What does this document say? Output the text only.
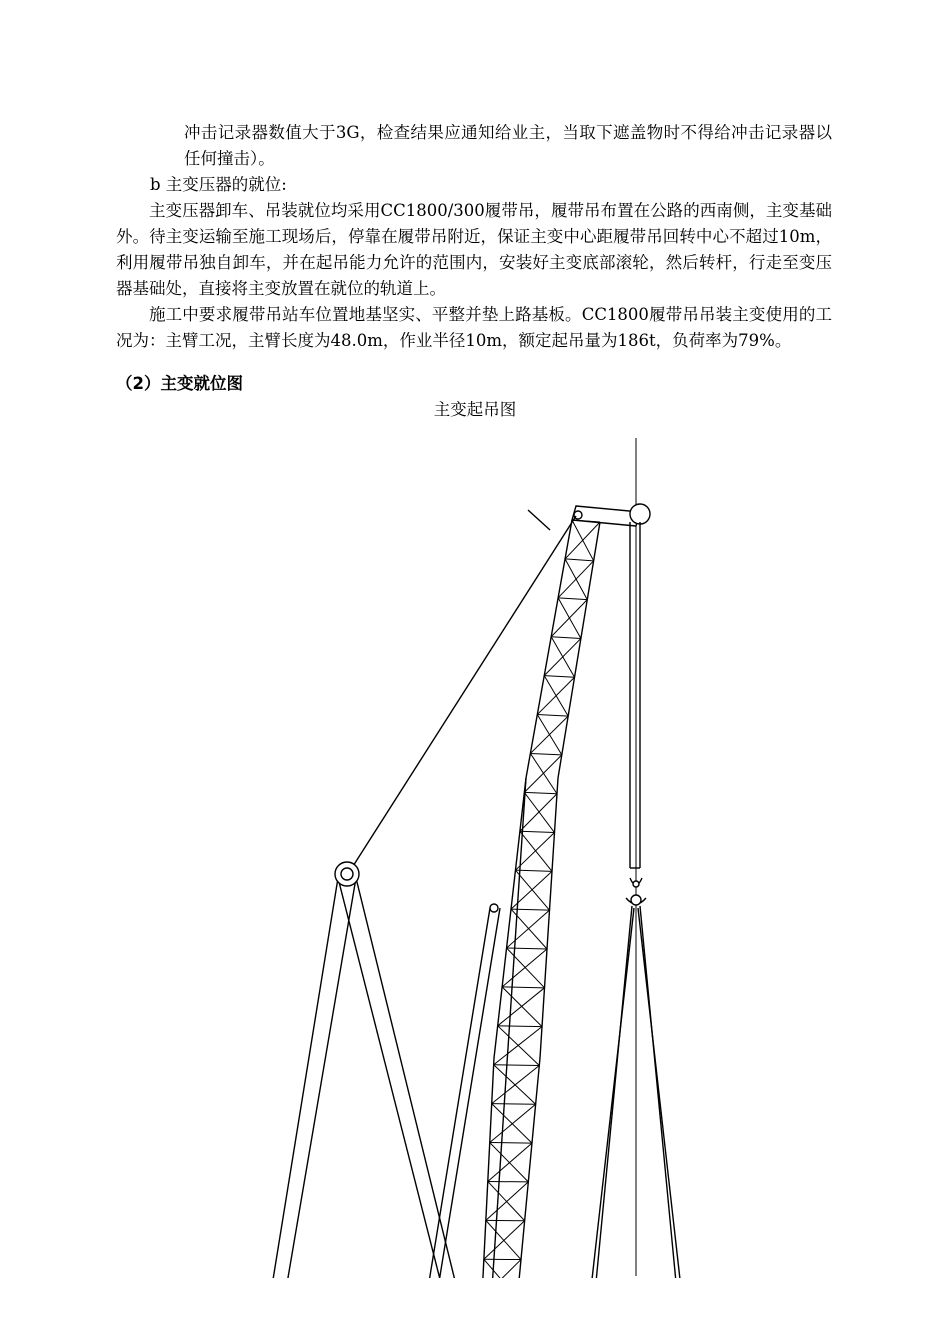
冲击记录器数值大于3G，检查结果应通知给业主，当取下遮盖物时不得给冲击记录器以任何撞击）。

b 主变压器的就位:

主变压器卸车、吊装就位均采用CC1800/300履带吊，履带吊布置在公路的西南侧，主变基础外。待主变运输至施工现场后，停靠在履带吊附近，保证主变中心距履带吊回转中心不超过10m，利用履带吊独自卸车，并在起吊能力允许的范围内，安装好主变底部滚轮，然后转杆，行走至变压器基础处，直接将主变放置在就位的轨道上。

施工中要求履带吊站车位置地基坚实、平整并垫上路基板。CC1800履带吊吊装主变使用的工况为：主臂工况，主臂长度为48.0m，作业半径10m，额定起吊量为186t，负荷率为79%。

（2）主变就位图

主变起吊图
